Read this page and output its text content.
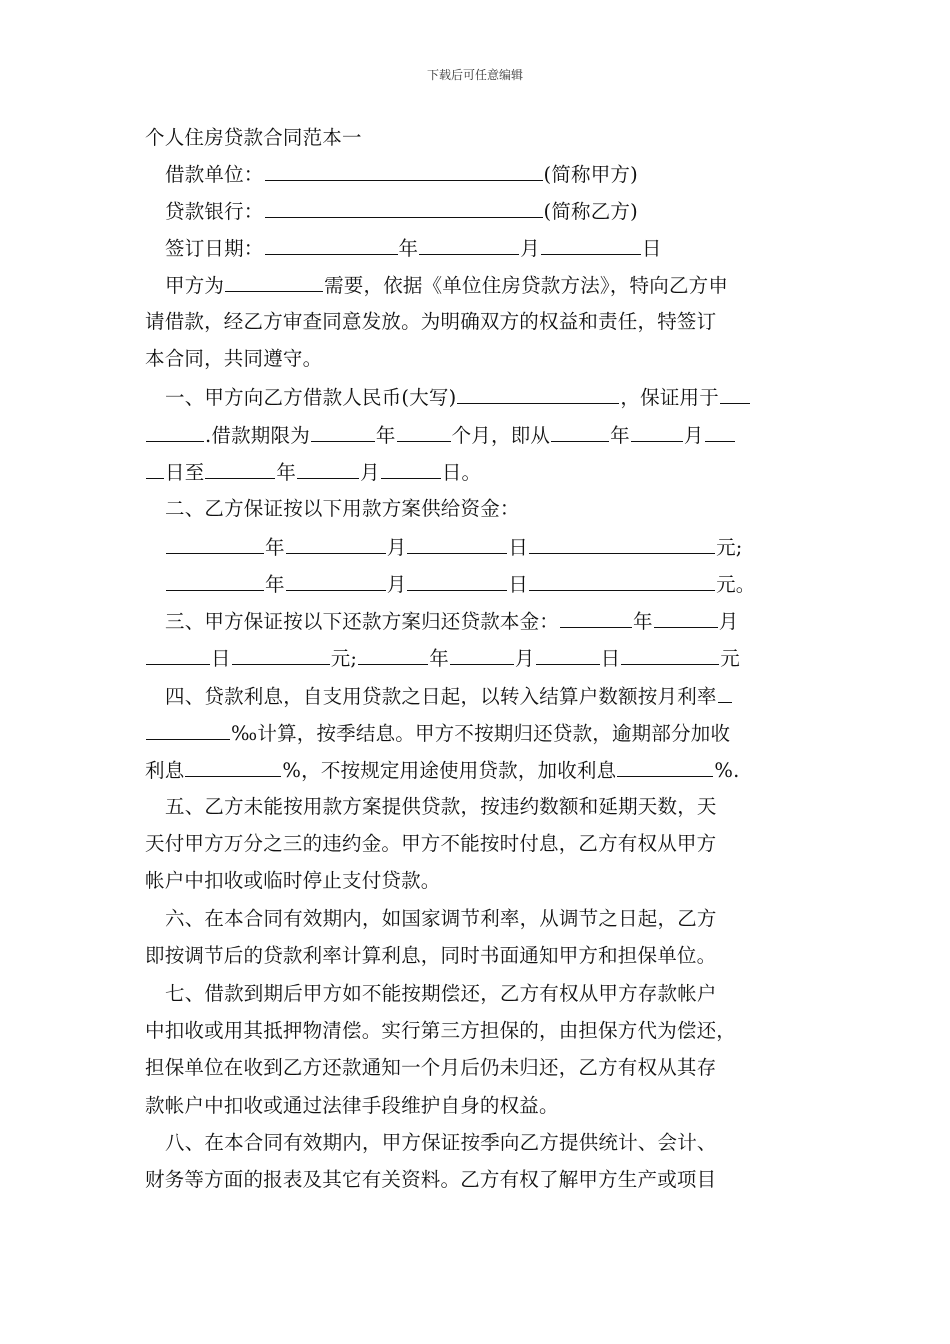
下载后可任意编辑
个人住房贷款合同范本一
借款单位：	(简称甲方)
贷款银行：	(简称乙方)
签订日期：	年	月	日
甲方为	需要，依据《单位住房贷款方法》，特向乙方申
请借款，经乙方审查同意发放。为明确双方的权益和责任，特签订
本合同，共同遵守。
一、甲方向乙方借款人民币(大写)	，保证用于
.借款期限为	年	个月，即从	年	月
日至	年	月	日。
二、乙方保证按以下用款方案供给资金：
年	月	日	元;
年	月	日	元。
三、甲方保证按以下还款方案归还贷款本金：	年	月
日	元;	年	月	日	元
四、贷款利息，自支用贷款之日起，以转入结算户数额按月利率
‰计算，按季结息。甲方不按期归还贷款，逾期部分加收
利息	%，不按规定用途使用贷款，加收利息	%.
五、乙方未能按用款方案提供贷款，按违约数额和延期天数，天
天付甲方万分之三的违约金。甲方不能按时付息，乙方有权从甲方
帐户中扣收或临时停止支付贷款。
六、在本合同有效期内，如国家调节利率，从调节之日起，乙方
即按调节后的贷款利率计算利息，同时书面通知甲方和担保单位。
七、借款到期后甲方如不能按期偿还，乙方有权从甲方存款帐户
中扣收或用其抵押物清偿。实行第三方担保的，由担保方代为偿还，
担保单位在收到乙方还款通知一个月后仍未归还，乙方有权从其存
款帐户中扣收或通过法律手段维护自身的权益。
八、在本合同有效期内，甲方保证按季向乙方提供统计、会计、
财务等方面的报表及其它有关资料。乙方有权了解甲方生产或项目
